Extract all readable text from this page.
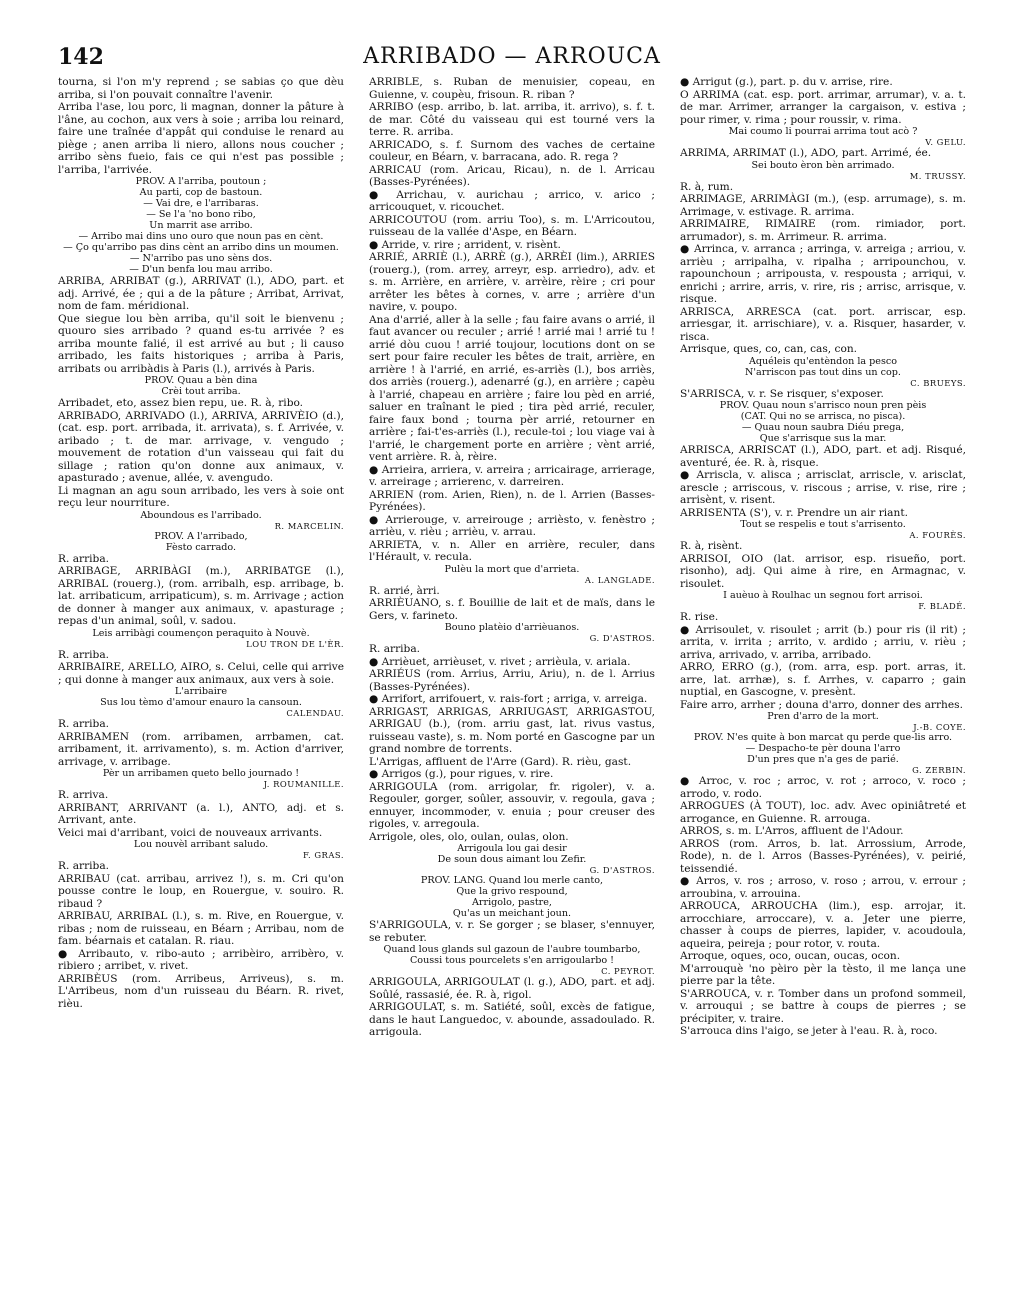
142	ARRIBADO — ARROUCA

tourna, si l'on m'y reprend ; se sabias ço que dèu arriba, si l'on pouvait connaître l'avenir.

Arriba l'ase, lou porc, li magnan, donner la pâture à l'âne, au cochon, aux vers à soie ; arriba lou reinard, faire une traînée d'appât qui conduise le renard au piège ; anen arriba li niero, allons nous coucher ; arribo sèns fueio, fais ce qui n'est pas possible ; l'arriba, l'arrivée.

PROV. A l'arriba, poutoun ;

Au parti, cop de bastoun.

— Vai dre, e l'arribaras.

— Se l'a 'no bono ribo,

Un marrit ase arribo.

— Arribo mai dins uno ouro que noun pas en cènt.

— Ço qu'arribo pas dins cènt an arribo dins un moumen.

— N'arribo pas uno sèns dos.

— D'un benfa lou mau arribo.

ARRIBA, ARRIBAT (g.), ARRIVAT (l.), ADO, part. et adj. Arrivé, ée ; qui a de la pâture ; Arribat, Arrivat, nom de fam. méridional.

Que siegue lou bèn arriba, qu'il soit le bienvenu ; quouro sies arribado ? quand es-tu arrivée ? es arriba mounte falié, il est arrivé au but ; li causo arribado, les faits historiques ; arriba à Paris, arribats ou arribàdis à Paris (l.), arrivés à Paris.

PROV. Quau a bèn dina

Crèi tout arriba.

Arribadet, eto, assez bien repu, ue. R. à, ribo.

ARRIBADO, ARRIVADO (l.), ARRIVA, ARRIVÈIO (d.), (cat. esp. port. arribada, it. arrivata), s. f. Arrivée, v. aribado ; t. de mar. arrivage, v. vengudo ; mouvement de rotation d'un vaisseau qui fait du sillage ; ration qu'on donne aux animaux, v. apasturado ; avenue, allée, v. avengudo.

Li magnan an agu soun arribado, les vers à soie ont reçu leur nourriture.

Aboundous es l'arribado.

R. MARCELIN.

PROV. A l'arribado,

Fèsto carrado.

R. arriba.

ARRIBAGE, ARRIBÀGI (m.), ARRIBATGE (l.), ARRIBAL (rouerg.), (rom. arribalh, esp. arribage, b. lat. arribaticum, arripaticum), s. m. Arrivage ; action de donner à manger aux animaux, v. apasturage ; repas d'un animal, soûl, v. sadou.

Leis arribàgi coumençon peraquito à Nouvè.

LOU TRON DE L'ÈR.

R. arriba.

ARRIBAIRE, ARELLO, AIRO, s. Celui, celle qui arrive ; qui donne à manger aux animaux, aux vers à soie.

L'arribaire

Sus lou tèmo d'amour enauro la cansoun.

CALENDAU.

R. arriba.

ARRIBAMEN (rom. arribamen, arrbamen, cat. arribament, it. arrivamento), s. m. Action d'arriver, arrivage, v. arribage.

Pèr un arribamen queto bello journado !

J. ROUMANILLE.

R. arriva.

ARRIBANT, ARRIVANT (a. l.), ANTO, adj. et s. Arrivant, ante.

Veici mai d'arribant, voici de nouveaux arrivants.

Lou nouvèl arribant saludo.

F. GRAS.

R. arriba.

ARRIBAU (cat. arribau, arrivez !), s. m. Cri qu'on pousse contre le loup, en Rouergue, v. souiro. R. ribaud ?

ARRIBAU, ARRIBAL (l.), s. m. Rive, en Rouergue, v. ribas ; nom de ruisseau, en Béarn ; Arribau, nom de fam. béarnais et catalan. R. riau.

● Arribauto, v. ribo-auto ; arribèiro, arribèro, v. ribiero ; arribet, v. rivet.

ARRIBÈUS (rom. Arribeus, Arriveus), s. m. L'Arribeus, nom d'un ruisseau du Béarn. R. rivet, rièu.

ARRIBLE, s. Ruban de menuisier, copeau, en Guienne, v. coupèu, frisoun. R. riban ?

ARRIBO (esp. arribo, b. lat. arriba, it. arrivo), s. f. t. de mar. Côté du vaisseau qui est tourné vers la terre. R. arriba.

ARRICADO, s. f. Surnom des vaches de certaine couleur, en Béarn, v. barracana, ado. R. rega ?

ARRICAU (rom. Aricau, Ricau), n. de l. Arricau (Basses-Pyrénées).

● Arrichau, v. aurichau ; arrico, v. arico ; arricouquet, v. ricouchet.

ARRICOUTOU (rom. arriu Too), s. m. L'Arricoutou, ruisseau de la vallée d'Aspe, en Béarn.

● Arride, v. rire ; arrident, v. risènt.

ARRIÉ, ARRIÈ (l.), ARRÈ (g.), ARRÈI (lim.), ARRIES (rouerg.), (rom. arrey, arreyr, esp. arriedro), adv. et s. m. Arrière, en arrière, v. arrèire, rèire ; cri pour arrêter les bêtes à cornes, v. arre ; arrière d'un navire, v. poupo.

Ana d'arrié, aller à la selle ; fau faire avans o arrié, il faut avancer ou reculer ; arrié ! arrié mai ! arrié tu ! arrié dòu cuou ! arrié toujour, locutions dont on se sert pour faire reculer les bêtes de trait, arrière, en arrière ! à l'arrié, en arrié, es-arriès (l.), bos arriès, dos arriès (rouerg.), adenarré (g.), en arrière ; capèu à l'arrié, chapeau en arrière ; faire lou pèd en arrié, saluer en traînant le pied ; tira pèd arrié, reculer, faire faux bond ; tourna pèr arrié, retourner en arrière ; fai-t'es-arriès (l.), recule-toi ; lou viage vai à l'arrié, le chargement porte en arrière ; vènt arrié, vent arrière. R. à, rèire.

● Arrieira, arriera, v. arreira ; arricairage, arrierage, v. arreirage ; arrierenc, v. darreiren.

ARRIEN (rom. Arien, Rien), n. de l. Arrien (Basses-Pyrénées).

● Arrierouge, v. arreirouge ; arrièsto, v. fenèstro ; arrièu, v. rièu ; arrièu, v. arrau.

ARRIETA, v. n. Aller en arrière, reculer, dans l'Hérault, v. recula.

Pulèu la mort que d'arrieta.

A. LANGLADE.

R. arrié, àrri.

ARRIÈUANO, s. f. Bouillie de lait et de maïs, dans le Gers, v. farineto.

Bouno platèio d'arrièuanos.

G. D'ASTROS.

R. arriba.

● Arrièuet, arrièuset, v. rivet ; arrièula, v. ariala.

ARRIÉUS (rom. Arrius, Arriu, Ariu), n. de l. Arrius (Basses-Pyrénées).

● Arrifort, arrifouert, v. rais-fort ; arriga, v. arreiga.

ARRIGAST, ARRIGAS, ARRIUGAST, ARRIGASTOU, ARRIGAU (b.), (rom. arriu gast, lat. rivus vastus, ruisseau vaste), s. m. Nom porté en Gascogne par un grand nombre de torrents.

L'Arrigas, affluent de l'Arre (Gard). R. rièu, gast.

● Arrigos (g.), pour rigues, v. rire.

ARRIGOULA (rom. arrigolar, fr. rigoler), v. a. Regouler, gorger, soûler, assouvir, v. regoula, gava ; ennuyer, incommoder, v. enuia ; pour creuser des rigoles, v. arregoula.

Arrigole, oles, olo, oulan, oulas, olon.

Arrigoula lou gai desir

De soun dous aimant lou Zefir.

G. D'ASTROS.

PROV. LANG. Quand lou merle canto,

Que la grivo respound,

Arrigolo, pastre,

Qu'as un meichant joun.

S'ARRIGOULA, v. r. Se gorger ; se blaser, s'ennuyer, se rebuter.

Quand lous glands sul gazoun de l'aubre toumbarbo,

Coussi tous pourcelets s'en arrigoularbo !

C. PEYROT.

ARRIGOULA, ARRIGOULAT (l. g.), ADO, part. et adj. Soûlé, rassasié, ée. R. à, rigol.

ARRIGOULAT, s. m. Satiété, soûl, excès de fatigue, dans le haut Languedoc, v. abounde, assadoulado. R. arrigoula.

● Arrigut (g.), part. p. du v. arrise, rire.

O ARRIMA (cat. esp. port. arrimar, arrumar), v. a. t. de mar. Arrimer, arranger la cargaison, v. estiva ; pour rimer, v. rima ; pour roussir, v. rima.

Mai coumo li pourrai arrima tout acò ?

V. GELU.

ARRIMA, ARRIMAT (l.), ADO, part. Arrimé, ée.

Sei bouto èron bèn arrimado.

M. TRUSSY.

R. à, rum.

ARRIMAGE, ARRIMÀGI (m.), (esp. arrumage), s. m. Arrimage, v. estivage. R. arrima.

ARRIMAIRE, RIMAIRE (rom. rimiador, port. arrumador), s. m. Arrimeur. R. arrima.

● Arrinca, v. arranca ; arringa, v. arreiga ; arriou, v. arrièu ; arripalha, v. ripalha ; arripounchou, v. rapounchoun ; arripousta, v. respousta ; arriqui, v. enrichi ; arrire, arris, v. rire, ris ; arrisc, arrisque, v. risque.

ARRISCA, ARRESCA (cat. port. arriscar, esp. arriesgar, it. arrischiare), v. a. Risquer, hasarder, v. risca.

Arrisque, ques, co, can, cas, con.

Aquéleis qu'entèndon la pesco

N'arriscon pas tout dins un cop.

C. BRUEYS.

S'ARRISCA, v. r. Se risquer, s'exposer.

PROV. Quau noun s'arrisco noun pren pèis

(CAT. Qui no se arrisca, no pisca).

— Quau noun saubra Diéu prega,

Que s'arrisque sus la mar.

ARRISCA, ARRISCAT (l.), ADO, part. et adj. Risqué, aventuré, ée. R. à, risque.

● Arriscla, v. alisca ; arrisclat, arriscle, v. arisclat, arescle ; arriscous, v. riscous ; arrise, v. rise, rire ; arrisènt, v. risent.

ARRISENTA (S'), v. r. Prendre un air riant.

Tout se respelis e tout s'arrisento.

A. FOURÈS.

R. à, risènt.

ARRISOI, OIO (lat. arrisor, esp. risueño, port. risonho), adj. Qui aime à rire, en Armagnac, v. risoulet.

I auèuo à Roulhac un segnou fort arrisoi.

F. BLADÉ.

R. rise.

● Arrisoulet, v. risoulet ; arrit (b.) pour ris (il rit) ; arrita, v. irrita ; arrito, v. ardido ; arriu, v. rièu ; arriva, arrivado, v. arriba, arribado.

ARRO, ERRO (g.), (rom. arra, esp. port. arras, it. arre, lat. arrhæ), s. f. Arrhes, v. caparro ; gain nuptial, en Gascogne, v. presènt.

Faire arro, arrher ; douna d'arro, donner des arrhes.

Pren d'arro de la mort.

J.-B. COYE.

PROV. N'es quite à bon marcat qu perde que-lis arro.

— Despacho-te pèr douna l'arro

D'un pres que n'a ges de parié.

G. ZERBIN.

● Arroc, v. roc ; arroc, v. rot ; arroco, v. roco ; arrodo, v. rodo.

ARROGUES (À TOUT), loc. adv. Avec opiniâtreté et arrogance, en Guienne. R. arrouga.

ARROS, s. m. L'Arros, affluent de l'Adour.

ARROS (rom. Arros, b. lat. Arrossium, Arrode, Rode), n. de l. Arros (Basses-Pyrénées), v. peirié, teissendié.

● Arros, v. ros ; arroso, v. roso ; arrou, v. errour ; arroubina, v. arrouina.

ARROUCA, ARROUCHA (lim.), esp. arrojar, it. arrocchiare, arroccare), v. a. Jeter une pierre, chasser à coups de pierres, lapider, v. acoudoula, aqueira, peireja ; pour rotor, v. routa.

Arroque, oques, oco, oucan, oucas, ocon.

M'arrouquè 'no pèiro pèr la tèsto, il me lança une pierre par la tête.

S'ARROUCA, v. r. Tomber dans un profond sommeil, v. arrouqui ; se battre à coups de pierres ; se précipiter, v. traire.

S'arrouca dins l'aigo, se jeter à l'eau. R. à, roco.
